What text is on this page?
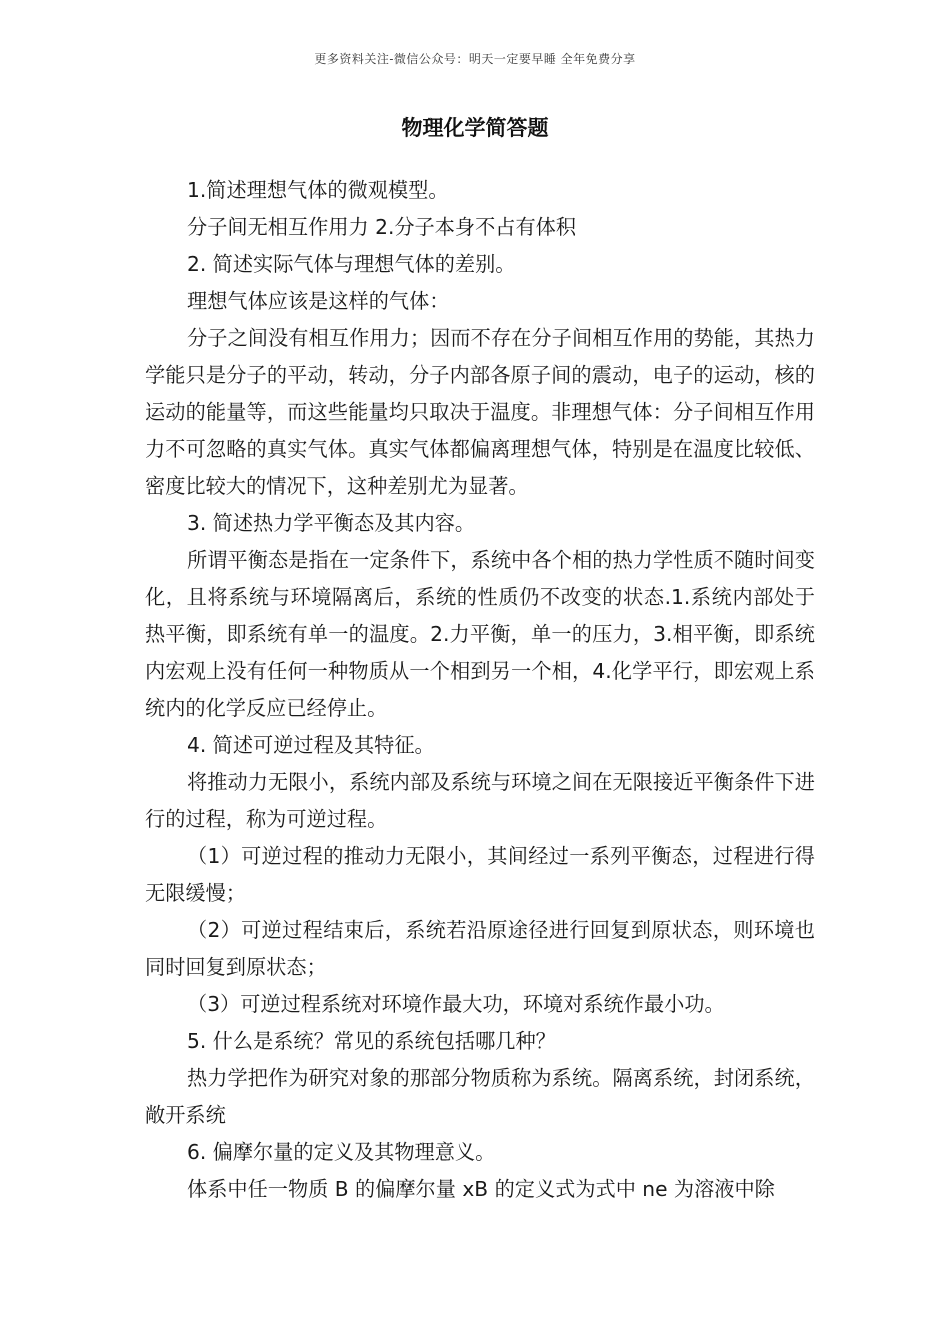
更多资料关注-微信公众号：明天一定要早睡 全年免费分享
物理化学简答题

1.简述理想气体的微观模型。

分子间无相互作用力 2.分子本身不占有体积

2. 简述实际气体与理想气体的差别。

理想气体应该是这样的气体：

分子之间没有相互作用力；因而不存在分子间相互作用的势能，其热力学能只是分子的平动，转动，分子内部各原子间的震动，电子的运动，核的运动的能量等，而这些能量均只取决于温度。非理想气体：分子间相互作用力不可忽略的真实气体。真实气体都偏离理想气体，特别是在温度比较低、密度比较大的情况下，这种差别尤为显著。

3. 简述热力学平衡态及其内容。

所谓平衡态是指在一定条件下，系统中各个相的热力学性质不随时间变化，且将系统与环境隔离后，系统的性质仍不改变的状态.1.系统内部处于热平衡，即系统有单一的温度。2.力平衡，单一的压力，3.相平衡，即系统内宏观上没有任何一种物质从一个相到另一个相，4.化学平行，即宏观上系统内的化学反应已经停止。

4. 简述可逆过程及其特征。

将推动力无限小，系统内部及系统与环境之间在无限接近平衡条件下进行的过程，称为可逆过程。

（1）可逆过程的推动力无限小，其间经过一系列平衡态，过程进行得无限缓慢；

（2）可逆过程结束后，系统若沿原途径进行回复到原状态，则环境也同时回复到原状态；

（3）可逆过程系统对环境作最大功，环境对系统作最小功。

5. 什么是系统？常见的系统包括哪几种？

热力学把作为研究对象的那部分物质称为系统。隔离系统，封闭系统，敞开系统

6. 偏摩尔量的定义及其物理意义。

体系中任一物质 B 的偏摩尔量 xB 的定义式为式中 ne 为溶液中除
